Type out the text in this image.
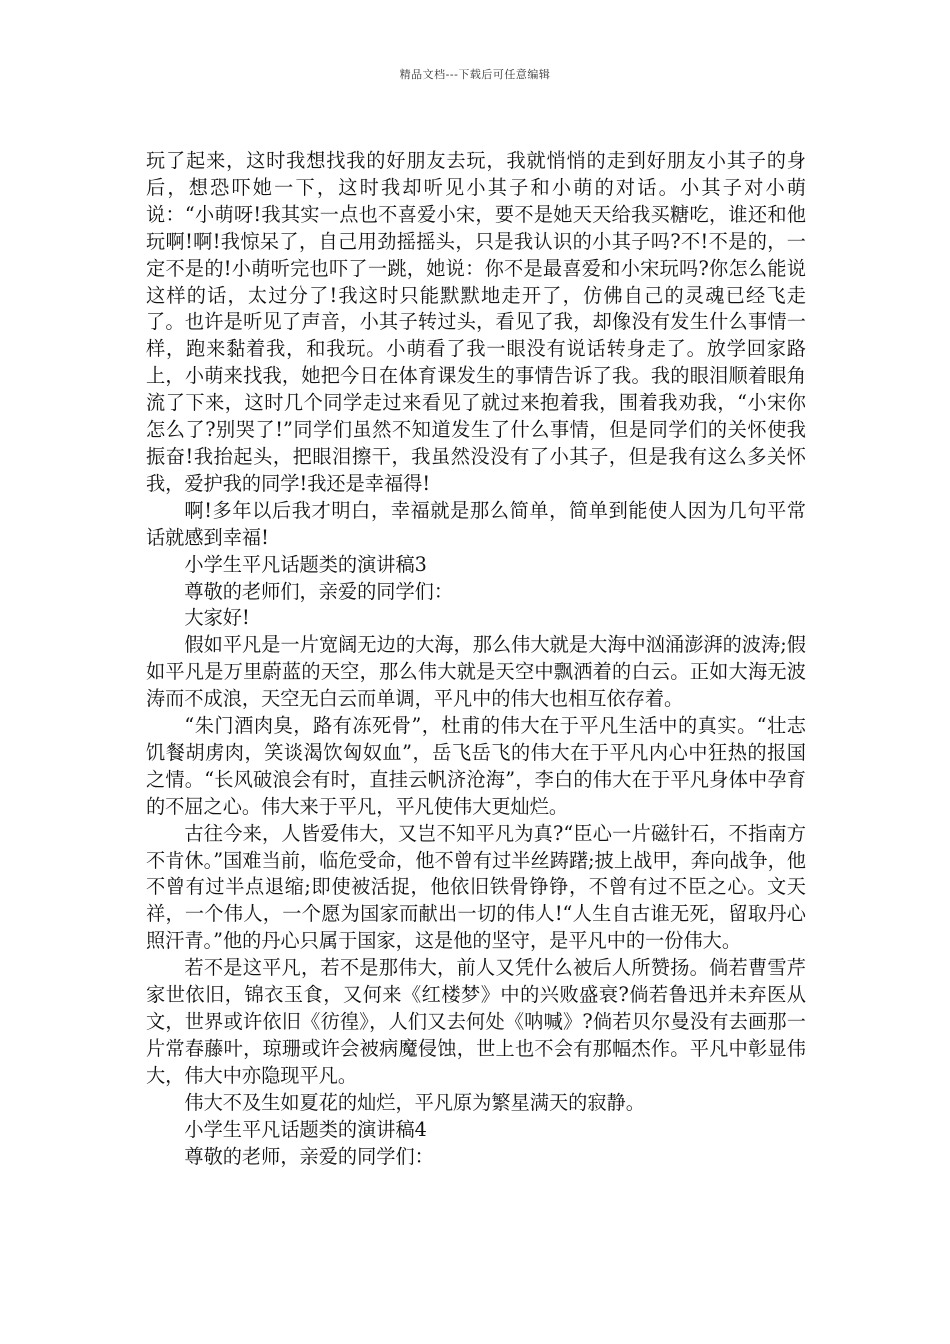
精品文档---下载后可任意编辑

玩了起来，这时我想找我的好朋友去玩，我就悄悄的走到好朋友小其子的身后，想恐吓她一下，这时我却听见小其子和小萌的对话。小其子对小萌说：“小萌呀!我其实一点也不喜爱小宋，要不是她天天给我买糖吃，谁还和他玩啊!啊!我惊呆了，自己用劲摇摇头，只是我认识的小其子吗?不!不是的，一定不是的!小萌听完也吓了一跳，她说：你不是最喜爱和小宋玩吗?你怎么能说这样的话，太过分了!我这时只能默默地走开了，仿佛自己的灵魂已经飞走了。也许是听见了声音，小其子转过头，看见了我，却像没有发生什么事情一样，跑来黏着我，和我玩。小萌看了我一眼没有说话转身走了。放学回家路上，小萌来找我，她把今日在体育课发生的事情告诉了我。我的眼泪顺着眼角流了下来，这时几个同学走过来看见了就过来抱着我，围着我劝我，“小宋你怎么了?别哭了!”同学们虽然不知道发生了什么事情，但是同学们的关怀使我振奋!我抬起头，把眼泪擦干，我虽然没没有了小其子，但是我有这么多关怀我，爱护我的同学!我还是幸福得!

啊!多年以后我才明白，幸福就是那么简单，简单到能使人因为几句平常话就感到幸福!

小学生平凡话题类的演讲稿3

尊敬的老师们，亲爱的同学们：

大家好!

假如平凡是一片宽阔无边的大海，那么伟大就是大海中汹涌澎湃的波涛;假如平凡是万里蔚蓝的天空，那么伟大就是天空中飘洒着的白云。正如大海无波涛而不成浪，天空无白云而单调，平凡中的伟大也相互依存着。

“朱门酒肉臭，路有冻死骨”，杜甫的伟大在于平凡生活中的真实。“壮志饥餐胡虏肉，笑谈渴饮匈奴血”，岳飞岳飞的伟大在于平凡内心中狂热的报国之情。“长风破浪会有时，直挂云帆济沧海”，李白的伟大在于平凡身体中孕育的不屈之心。伟大来于平凡，平凡使伟大更灿烂。

古往今来，人皆爱伟大，又岂不知平凡为真?“臣心一片磁针石，不指南方不肯休。”国难当前，临危受命，他不曾有过半丝踌躇;披上战甲，奔向战争，他不曾有过半点退缩;即使被活捉，他依旧铁骨铮铮，不曾有过不臣之心。文天祥，一个伟人，一个愿为国家而献出一切的伟人!“人生自古谁无死，留取丹心照汗青。”他的丹心只属于国家，这是他的坚守，是平凡中的一份伟大。

若不是这平凡，若不是那伟大，前人又凭什么被后人所赞扬。倘若曹雪芹家世依旧，锦衣玉食，又何来《红楼梦》中的兴败盛衰?倘若鲁迅并未弃医从文，世界或许依旧《彷徨》，人们又去何处《呐喊》?倘若贝尔曼没有去画那一片常春藤叶，琼珊或许会被病魔侵蚀，世上也不会有那幅杰作。平凡中彰显伟大，伟大中亦隐现平凡。

伟大不及生如夏花的灿烂，平凡原为繁星满天的寂静。

小学生平凡话题类的演讲稿4

尊敬的老师，亲爱的同学们：
